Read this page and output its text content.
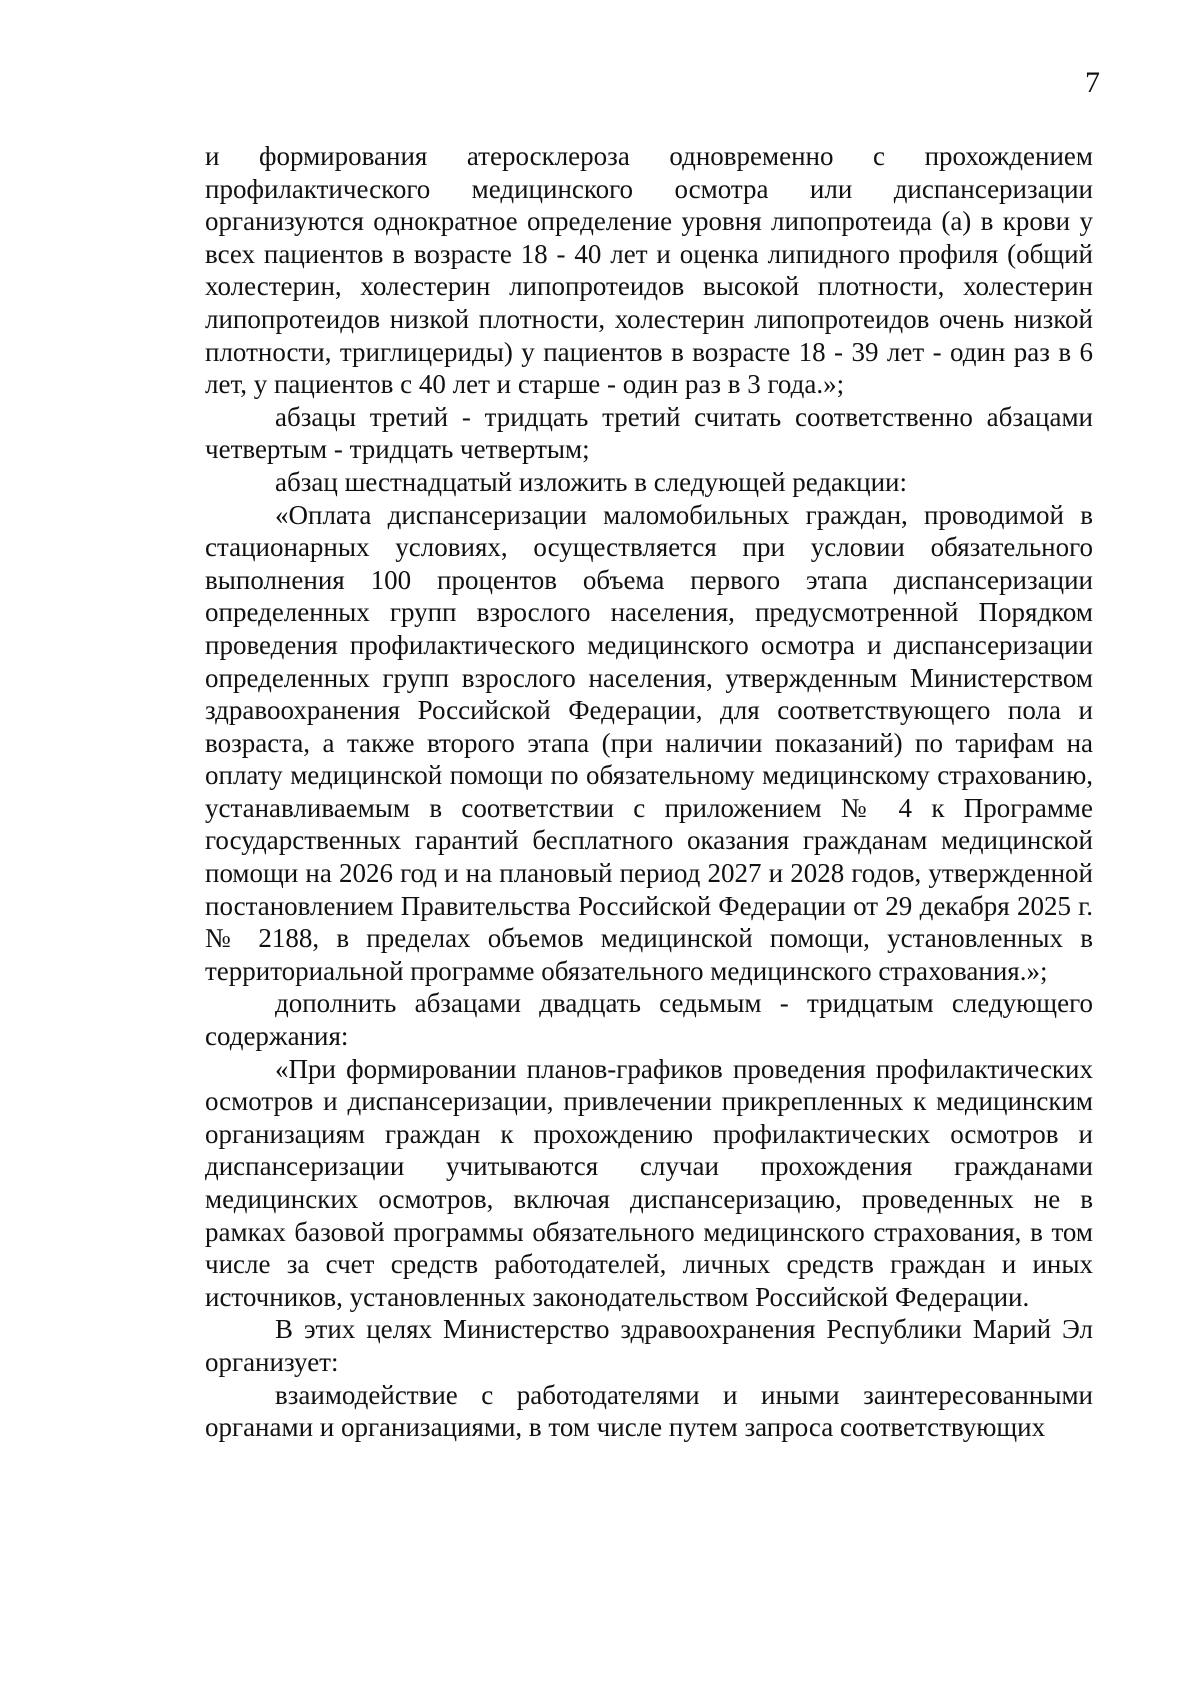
7

и формирования атеросклероза одновременно с прохождением профилактического медицинского осмотра или диспансеризации организуются однократное определение уровня липопротеида (а) в крови у всех пациентов в возрасте 18 - 40 лет и оценка липидного профиля (общий холестерин, холестерин липопротеидов высокой плотности, холестерин липопротеидов низкой плотности, холестерин липопротеидов очень низкой плотности, триглицериды) у пациентов в возрасте 18 - 39 лет - один раз в 6 лет, у пациентов с 40 лет и старше - один раз в 3 года.»;

абзацы третий - тридцать третий считать соответственно абзацами четвертым - тридцать четвертым;

абзац шестнадцатый изложить в следующей редакции:

«Оплата диспансеризации маломобильных граждан, проводимой в стационарных условиях, осуществляется при условии обязательного выполнения 100 процентов объема первого этапа диспансеризации определенных групп взрослого населения, предусмотренной Порядком проведения профилактического медицинского осмотра и диспансеризации определенных групп взрослого населения, утвержденным Министерством здравоохранения Российской Федерации, для соответствующего пола и возраста, а также второго этапа (при наличии показаний) по тарифам на оплату медицинской помощи по обязательному медицинскому страхованию, устанавливаемым в соответствии с приложением № 4 к Программе государственных гарантий бесплатного оказания гражданам медицинской помощи на 2026 год и на плановый период 2027 и 2028 годов, утвержденной постановлением Правительства Российской Федерации от 29 декабря 2025 г. № 2188, в пределах объемов медицинской помощи, установленных в территориальной программе обязательного медицинского страхования.»;

дополнить абзацами двадцать седьмым - тридцатым следующего содержания:

«При формировании планов-графиков проведения профилактических осмотров и диспансеризации, привлечении прикрепленных к медицинским организациям граждан к прохождению профилактических осмотров и диспансеризации учитываются случаи прохождения гражданами медицинских осмотров, включая диспансеризацию, проведенных не в рамках базовой программы обязательного медицинского страхования, в том числе за счет средств работодателей, личных средств граждан и иных источников, установленных законодательством Российской Федерации.

В этих целях Министерство здравоохранения Республики Марий Эл организует:

взаимодействие с работодателями и иными заинтересованными органами и организациями, в том числе путем запроса соответствующих
